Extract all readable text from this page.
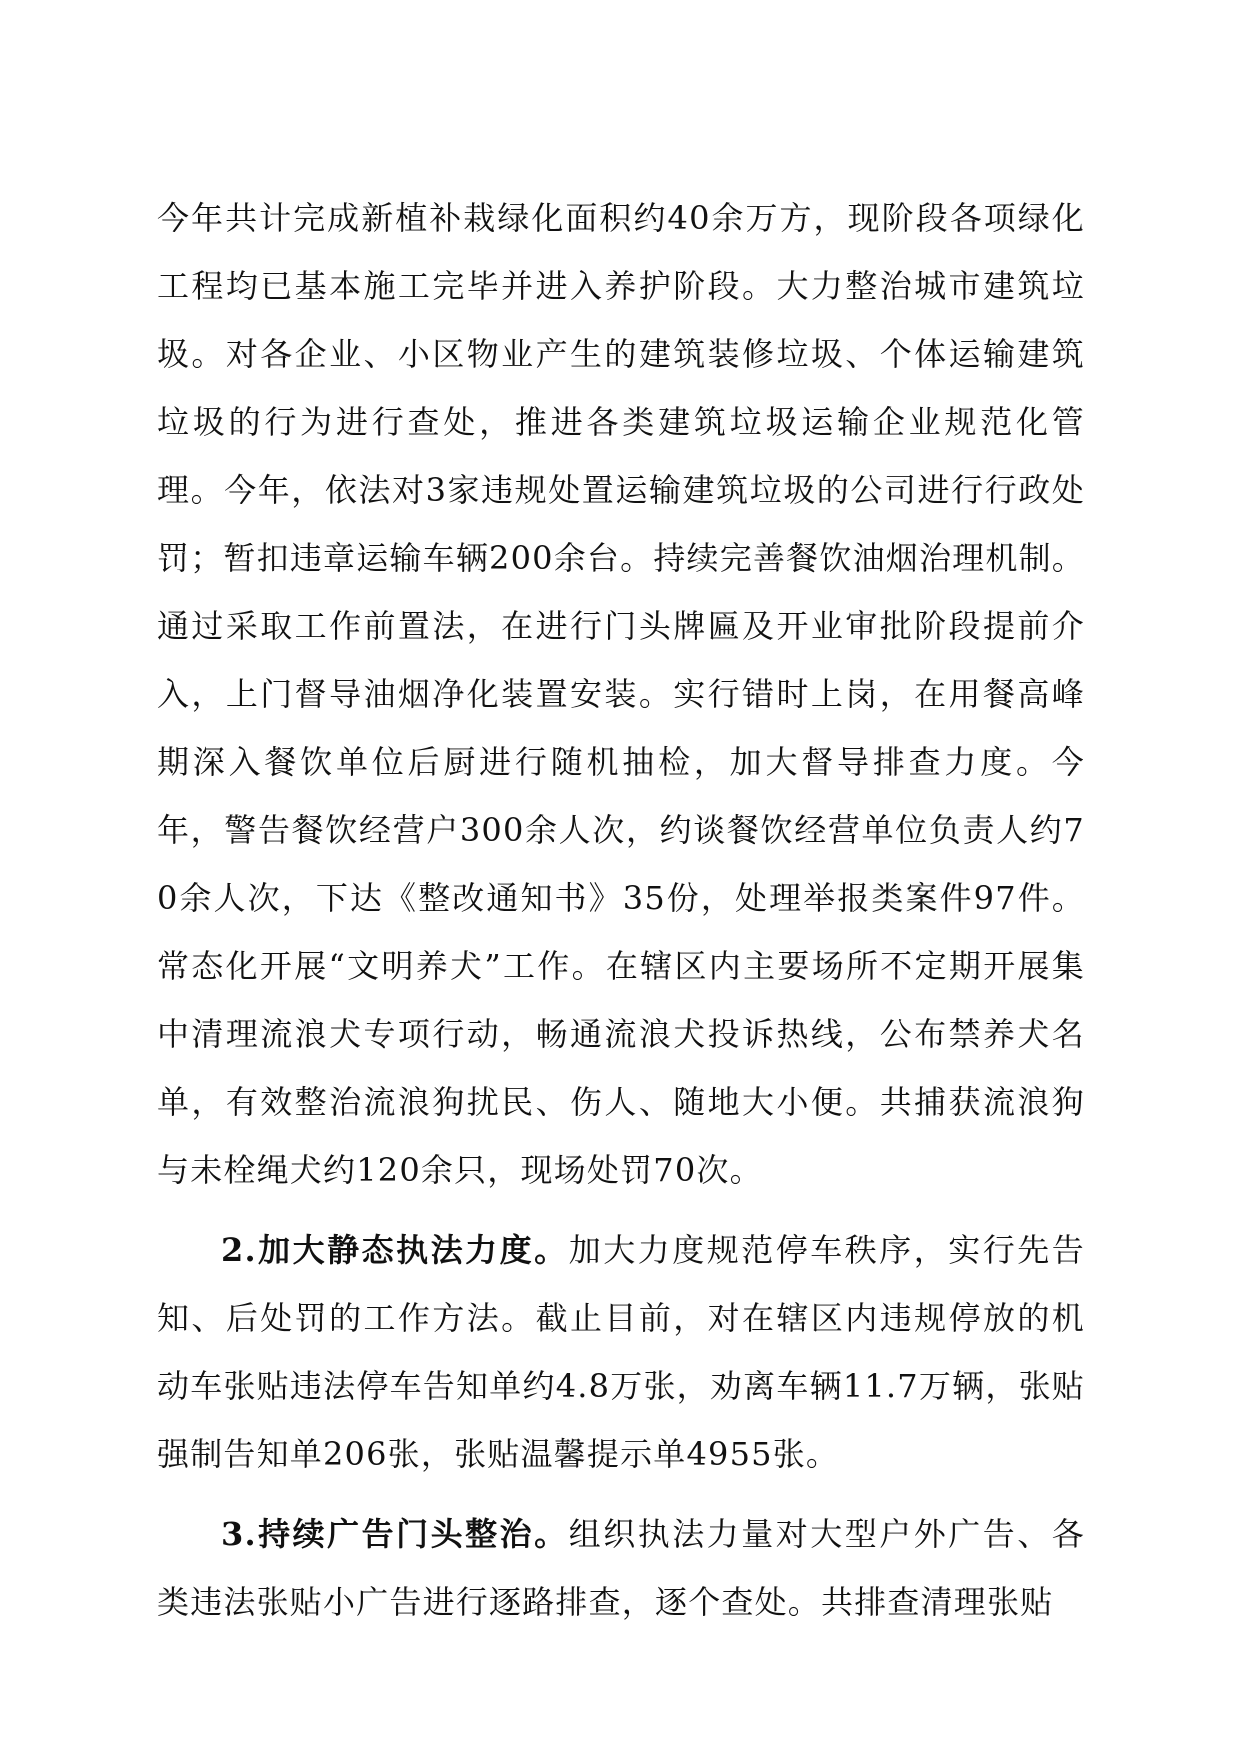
今年共计完成新植补栽绿化面积约40余万方，现阶段各项绿化工程均已基本施工完毕并进入养护阶段。大力整治城市建筑垃圾。对各企业、小区物业产生的建筑装修垃圾、个体运输建筑垃圾的行为进行查处，推进各类建筑垃圾运输企业规范化管理。今年，依法对3家违规处置运输建筑垃圾的公司进行行政处罚；暂扣违章运输车辆200余台。持续完善餐饮油烟治理机制。通过采取工作前置法，在进行门头牌匾及开业审批阶段提前介入，上门督导油烟净化装置安装。实行错时上岗，在用餐高峰期深入餐饮单位后厨进行随机抽检，加大督导排查力度。今年，警告餐饮经营户300余人次，约谈餐饮经营单位负责人约70余人次，下达《整改通知书》35份，处理举报类案件97件。常态化开展“文明养犬”工作。在辖区内主要场所不定期开展集中清理流浪犬专项行动，畅通流浪犬投诉热线，公布禁养犬名单，有效整治流浪狗扰民、伤人、随地大小便。共捕获流浪狗与未栓绳犬约120余只，现场处罚70次。

2.加大静态执法力度。加大力度规范停车秩序，实行先告知、后处罚的工作方法。截止目前，对在辖区内违规停放的机动车张贴违法停车告知单约4.8万张，劝离车辆11.7万辆，张贴强制告知单206张，张贴温馨提示单4955张。

3.持续广告门头整治。组织执法力量对大型户外广告、各类违法张贴小广告进行逐路排查，逐个查处。共排查清理张贴
